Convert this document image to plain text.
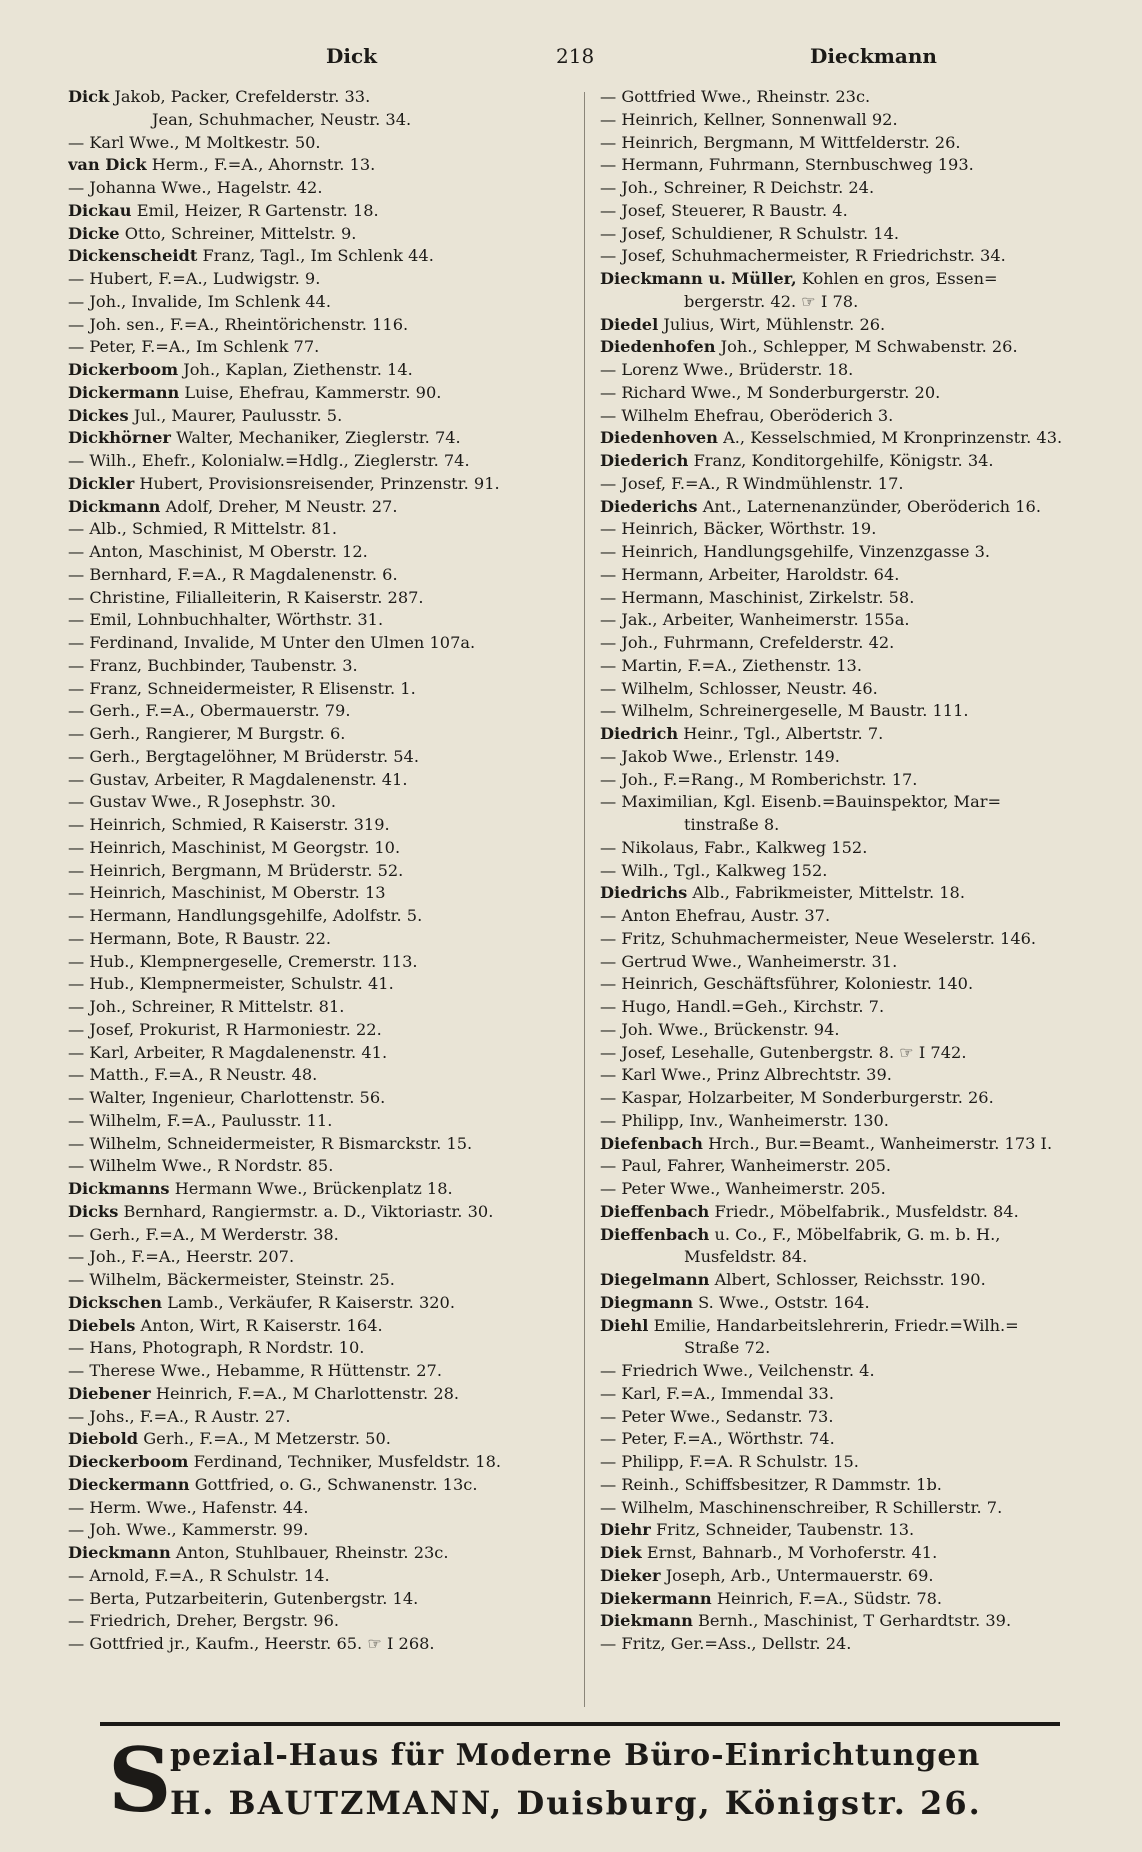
Dick	218	Dieckmann
Dick Jakob, Packer, Crefelderstr. 33.
Jean, Schuhmacher, Neustr. 34.
— Karl Wwe., M Moltkestr. 50.
van Dick Herm., F.=A., Ahornstr. 13.
— Johanna Wwe., Hagelstr. 42.
Dickau Emil, Heizer, R Gartenstr. 18.
Dicke Otto, Schreiner, Mittelstr. 9.
Dickenscheidt Franz, Tagl., Im Schlenk 44.
— Hubert, F.=A., Ludwigstr. 9.
— Joh., Invalide, Im Schlenk 44.
— Joh. sen., F.=A., Rheintörichenstr. 116.
— Peter, F.=A., Im Schlenk 77.
Dickerboom Joh., Kaplan, Ziethenstr. 14.
Dickermann Luise, Ehefrau, Kammerstr. 90.
Dickes Jul., Maurer, Paulusstr. 5.
Dickhörner Walter, Mechaniker, Zieglerstr. 74.
— Wilh., Ehefr., Kolonialw.=Hdlg., Zieglerstr. 74.
Dickler Hubert, Provisionsreisender, Prinzenstr. 91.
Dickmann Adolf, Dreher, M Neustr. 27.
— Alb., Schmied, R Mittelstr. 81.
— Anton, Maschinist, M Oberstr. 12.
— Bernhard, F.=A., R Magdalenenstr. 6.
— Christine, Filialleiterin, R Kaiserstr. 287.
— Emil, Lohnbuchhalter, Wörthstr. 31.
— Ferdinand, Invalide, M Unter den Ulmen 107a.
— Franz, Buchbinder, Taubenstr. 3.
— Franz, Schneidermeister, R Elisenstr. 1.
— Gerh., F.=A., Obermauerstr. 79.
— Gerh., Rangierer, M Burgstr. 6.
— Gerh., Bergtagelöhner, M Brüderstr. 54.
— Gustav, Arbeiter, R Magdalenenstr. 41.
— Gustav Wwe., R Josephstr. 30.
— Heinrich, Schmied, R Kaiserstr. 319.
— Heinrich, Maschinist, M Georgstr. 10.
— Heinrich, Bergmann, M Brüderstr. 52.
— Heinrich, Maschinist, M Oberstr. 13
— Hermann, Handlungsgehilfe, Adolfstr. 5.
— Hermann, Bote, R Baustr. 22.
— Hub., Klempnergeselle, Cremerstr. 113.
— Hub., Klempnermeister, Schulstr. 41.
— Joh., Schreiner, R Mittelstr. 81.
— Josef, Prokurist, R Harmoniestr. 22.
— Karl, Arbeiter, R Magdalenenstr. 41.
— Matth., F.=A., R Neustr. 48.
— Walter, Ingenieur, Charlottenstr. 56.
— Wilhelm, F.=A., Paulusstr. 11.
— Wilhelm, Schneidermeister, R Bismarckstr. 15.
— Wilhelm Wwe., R Nordstr. 85.
Dickmanns Hermann Wwe., Brückenplatz 18.
Dicks Bernhard, Rangiermstr. a. D., Viktoriastr. 30.
— Gerh., F.=A., M Werderstr. 38.
— Joh., F.=A., Heerstr. 207.
— Wilhelm, Bäckermeister, Steinstr. 25.
Dickschen Lamb., Verkäufer, R Kaiserstr. 320.
Diebels Anton, Wirt, R Kaiserstr. 164.
— Hans, Photograph, R Nordstr. 10.
— Therese Wwe., Hebamme, R Hüttenstr. 27.
Diebener Heinrich, F.=A., M Charlottenstr. 28.
— Johs., F.=A., R Austr. 27.
Diebold Gerh., F.=A., M Metzerstr. 50.
Dieckerboom Ferdinand, Techniker, Musfeldstr. 18.
Dieckermann Gottfried, o. G., Schwanenstr. 13c.
— Herm. Wwe., Hafenstr. 44.
— Joh. Wwe., Kammerstr. 99.
Dieckmann Anton, Stuhlbauer, Rheinstr. 23c.
— Arnold, F.=A., R Schulstr. 14.
— Berta, Putzarbeiterin, Gutenbergstr. 14.
— Friedrich, Dreher, Bergstr. 96.
— Gottfried jr., Kaufm., Heerstr. 65. ☞ I 268.
— Gottfried Wwe., Rheinstr. 23c.
— Heinrich, Kellner, Sonnenwall 92.
— Heinrich, Bergmann, M Wittfelderstr. 26.
— Hermann, Fuhrmann, Sternbuschweg 193.
— Joh., Schreiner, R Deichstr. 24.
— Josef, Steuerer, R Baustr. 4.
— Josef, Schuldiener, R Schulstr. 14.
— Josef, Schuhmachermeister, R Friedrichstr. 34.
Dieckmann u. Müller, Kohlen en gros, Essen=
bergerstr. 42. ☞ I 78.
Diedel Julius, Wirt, Mühlenstr. 26.
Diedenhofen Joh., Schlepper, M Schwabenstr. 26.
— Lorenz Wwe., Brüderstr. 18.
— Richard Wwe., M Sonderburgerstr. 20.
— Wilhelm Ehefrau, Oberöderich 3.
Diedenhoven A., Kesselschmied, M Kronprinzenstr. 43.
Diederich Franz, Konditorgehilfe, Königstr. 34.
— Josef, F.=A., R Windmühlenstr. 17.
Diederichs Ant., Laternenanzünder, Oberöderich 16.
— Heinrich, Bäcker, Wörthstr. 19.
— Heinrich, Handlungsgehilfe, Vinzenzgasse 3.
— Hermann, Arbeiter, Haroldstr. 64.
— Hermann, Maschinist, Zirkelstr. 58.
— Jak., Arbeiter, Wanheimerstr. 155a.
— Joh., Fuhrmann, Crefelderstr. 42.
— Martin, F.=A., Ziethenstr. 13.
— Wilhelm, Schlosser, Neustr. 46.
— Wilhelm, Schreinergeselle, M Baustr. 111.
Diedrich Heinr., Tgl., Albertstr. 7.
— Jakob Wwe., Erlenstr. 149.
— Joh., F.=Rang., M Romberichstr. 17.
— Maximilian, Kgl. Eisenb.=Bauinspektor, Mar=
tinstraße 8.
— Nikolaus, Fabr., Kalkweg 152.
— Wilh., Tgl., Kalkweg 152.
Diedrichs Alb., Fabrikmeister, Mittelstr. 18.
— Anton Ehefrau, Austr. 37.
— Fritz, Schuhmachermeister, Neue Weselerstr. 146.
— Gertrud Wwe., Wanheimerstr. 31.
— Heinrich, Geschäftsführer, Koloniestr. 140.
— Hugo, Handl.=Geh., Kirchstr. 7.
— Joh. Wwe., Brückenstr. 94.
— Josef, Lesehalle, Gutenbergstr. 8. ☞ I 742.
— Karl Wwe., Prinz Albrechtstr. 39.
— Kaspar, Holzarbeiter, M Sonderburgerstr. 26.
— Philipp, Inv., Wanheimerstr. 130.
Diefenbach Hrch., Bur.=Beamt., Wanheimerstr. 173 I.
— Paul, Fahrer, Wanheimerstr. 205.
— Peter Wwe., Wanheimerstr. 205.
Dieffenbach Friedr., Möbelfabrik., Musfeldstr. 84.
Dieffenbach u. Co., F., Möbelfabrik, G. m. b. H.,
Musfeldstr. 84.
Diegelmann Albert, Schlosser, Reichsstr. 190.
Diegmann S. Wwe., Oststr. 164.
Diehl Emilie, Handarbeitslehrerin, Friedr.=Wilh.=
Straße 72.
— Friedrich Wwe., Veilchenstr. 4.
— Karl, F.=A., Immendal 33.
— Peter Wwe., Sedanstr. 73.
— Peter, F.=A., Wörthstr. 74.
— Philipp, F.=A. R Schulstr. 15.
— Reinh., Schiffsbesitzer, R Dammstr. 1b.
— Wilhelm, Maschinenschreiber, R Schillerstr. 7.
Diehr Fritz, Schneider, Taubenstr. 13.
Diek Ernst, Bahnarb., M Vorhoferstr. 41.
Dieker Joseph, Arb., Untermauerstr. 69.
Diekermann Heinrich, F.=A., Südstr. 78.
Diekmann Bernh., Maschinist, T Gerhardtstr. 39.
— Fritz, Ger.=Ass., Dellstr. 24.
S
pezial-Haus für Moderne Büro-Einrichtungen
H. BAUTZMANN, Duisburg, Königstr. 26.
